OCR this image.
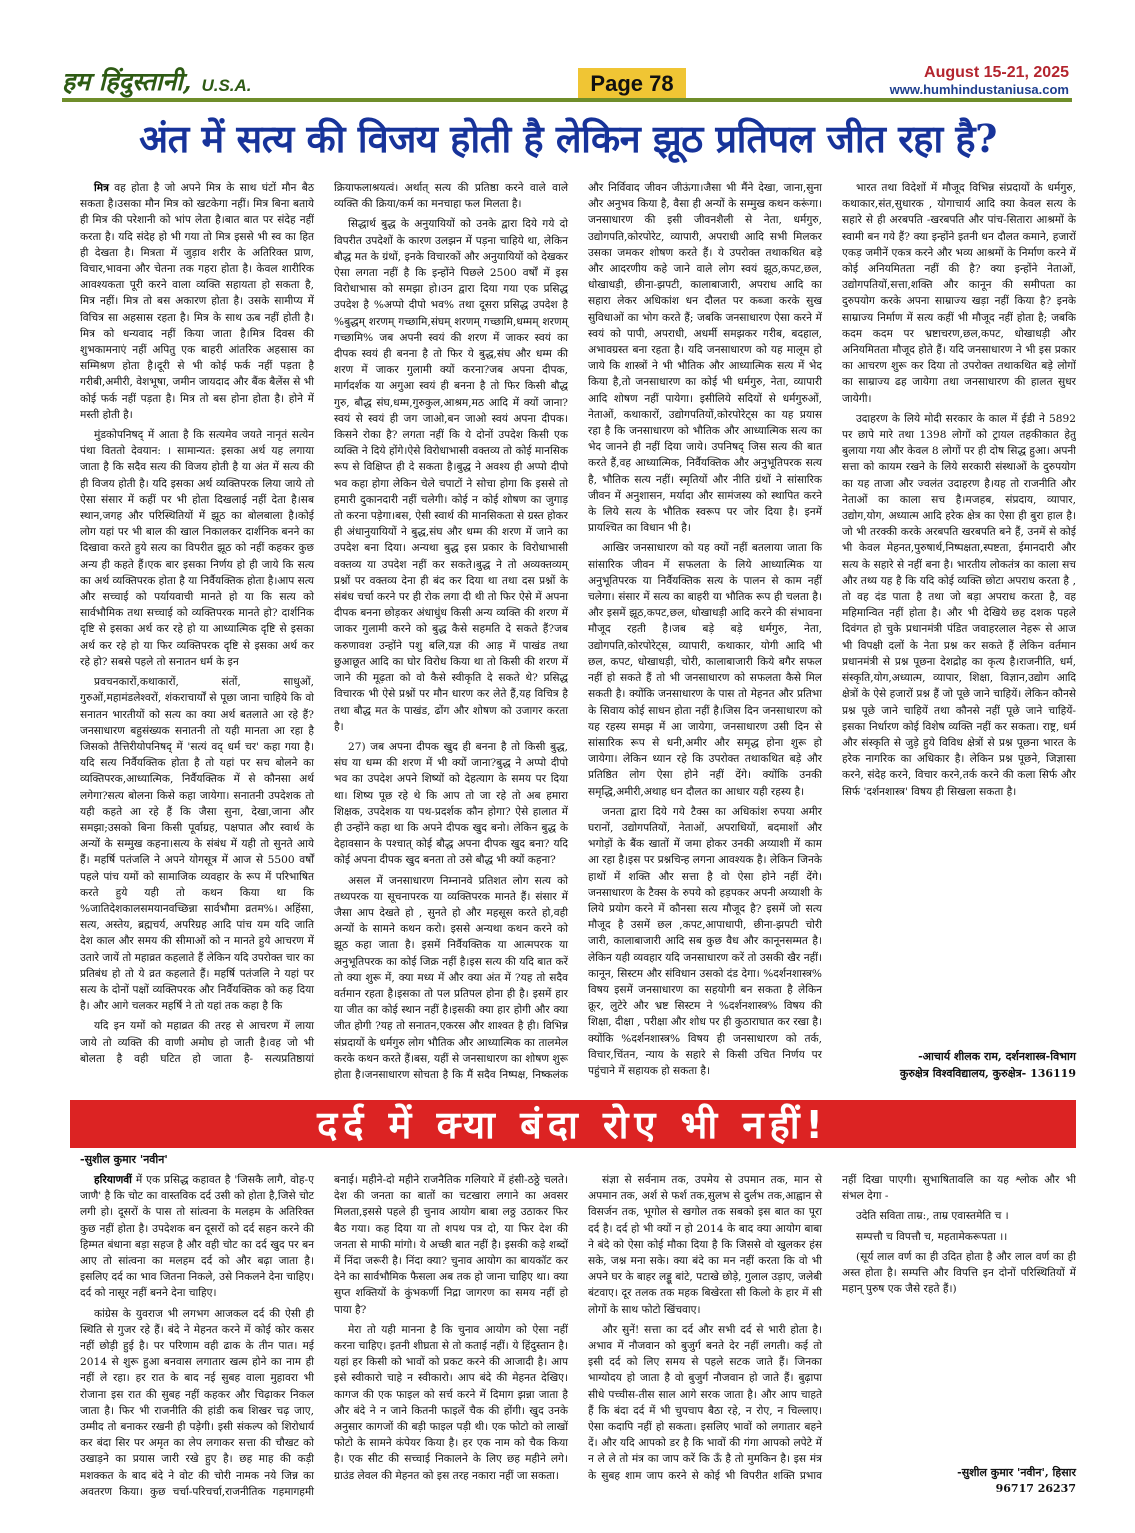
हम हिंदुस्तानी, U.S.A.	Page 78	August 15-21, 2025
www.humhindustaniusa.com
अंत में सत्य की विजय होती है लेकिन झूठ प्रतिपल जीत रहा है?

मित्र वह होता है जो अपने मित्र के साथ घंटों मौन बैठ सकता है।उसका मौन मित्र को खटकेगा नहीं। मित्र बिना बताये ही मित्र की परेशानी को भांप लेता है।बात बात पर संदेह नहीं करता है। यदि संदेह हो भी गया तो मित्र इससे भी स्व का हित ही देखता है। मित्रता में जुड़ाव शरीर के अतिरिक्त प्राण, विचार,भावना और चेतना तक गहरा होता है। केवल शारीरिक आवश्यकता पूरी करने वाला व्यक्ति सहायता हो सकता है, मित्र नहीं। मित्र तो बस अकारण होता है। उसके सामीप्य में विचित्र सा अहसास रहता है। मित्र के साथ ऊब नहीं होती है। मित्र को धन्यवाद नहीं किया जाता है।मित्र दिवस की शुभकामनाएं नहीं अपितु एक बाहरी आंतरिक अहसास का सम्मिश्रण होता है।दूरी से भी कोई फर्क नहीं पड़ता है गरीबी,अमीरी, वेशभूषा, जमीन जायदाद और बैंक बैलेंस से भी कोई फर्क नहीं पड़ता है। मित्र तो बस होना होता है। होने में मस्ती होती है।

मुंडकोपनिषद् में आता है कि सत्यमेव जयते नानृतं सत्येन पंथा विततो देवयान: । सामान्यत: इसका अर्थ यह लगाया जाता है कि सदैव सत्य की विजय होती है या अंत में सत्य की ही विजय होती है। यदि इसका अर्थ व्यक्तिपरक लिया जाये तो ऐसा संसार में कहीं पर भी होता दिखलाई नहीं देता है।सब स्थान,जगह और परिस्थितियों में झूठ का बोलबाला है।कोई लोग यहां पर भी बाल की खाल निकालकर दार्शनिक बनने का दिखावा करते हुये सत्य का विपरीत झूठ को नहीं कहकर कुछ अन्य ही कहते हैं।एक बार इसका निर्णय हो ही जाये कि सत्य का अर्थ व्यक्तिपरक होता है या निर्वैयक्तिक होता है।आप सत्य और सच्चाई को पर्यायवाची मानते हो या कि सत्य को सार्वभौमिक तथा सच्चाई को व्यक्तिपरक मानते हो? दार्शनिक दृष्टि से इसका अर्थ कर रहे हो या आध्यात्मिक दृष्टि से इसका अर्थ कर रहे हो या फिर व्यक्तिपरक दृष्टि से इसका अर्थ कर रहे हो? सबसे पहले तो सनातन धर्म के इन

प्रवचनकारों,कथाकारों, संतों, साधुओं, गुरुओं,महामंडलेश्वरों, शंकराचार्यों से पूछा जाना चाहिये कि वो सनातन भारतीयों को सत्य का क्या अर्थ बतलाते आ रहे हैं? जनसाधारण बहुसंख्यक सनातनी तो यही मानता आ रहा है जिसको तैत्तिरीयोपनिषद् में 'सत्यं वद् धर्म चर' कहा गया है। यदि सत्य निर्वैयक्तिक होता है तो यहां पर सच बोलने का व्यक्तिपरक,आध्यात्मिक, निर्वैयक्तिक में से कौनसा अर्थ लगेगा?सत्य बोलना किसे कहा जायेगा। सनातनी उपदेशक तो यही कहते आ रहे हैं कि जैसा सुना, देखा,जाना और समझा;उसको बिना किसी पूर्वाग्रह, पक्षपात और स्वार्थ के अन्यों के सम्मुख कहना।सत्य के संबंध में यही तो सुनते आये हैं। महर्षि पतंजलि ने अपने योगसूत्र में आज से 5500 वर्षों पहले पांच यमों को सामाजिक व्यवहार के रूप में परिभाषित करते हुये यही तो कथन किया था कि %जातिदेशकालसमयानवच्छिन्ना सार्वभौमा व्रतम%। अहिंसा, सत्य, अस्तेय, ब्रह्मचर्य, अपरिग्रह आदि पांच यम यदि जाति देश काल और समय की सीमाओं को न मानते हुये आचरण में उतारे जायें तो महाव्रत कहलाते हैं लेकिन यदि उपरोक्त चार का प्रतिबंध हो तो ये व्रत कहलाते हैं। महर्षि पतंजलि ने यहां पर सत्य के दोनों पक्षों व्यक्तिपरक और निर्वैयक्तिक को कह दिया है। और आगे चलकर महर्षि ने तो यहां तक कहा है कि

यदि इन यमों को महाव्रत की तरह से आचरण में लाया जाये तो व्यक्ति की वाणी अमोघ हो जाती है।वह जो भी बोलता है वही घटित हो जाता है- सत्यप्रतिष्ठायां क्रियाफलाश्रयत्वं। अर्थात् सत्य की प्रतिष्ठा करने वाले वाले व्यक्ति की क्रिया/कर्म का मनचाहा फल मिलता है।

सिद्धार्थ बुद्ध के अनुयायियों को उनके द्वारा दिये गये दो विपरीत उपदेशों के कारण उलझन में पड़ना चाहिये था, लेकिन बौद्ध मत के ग्रंथों, इनके विचारकों और अनुयायियों को देखकर ऐसा लगता नहीं है कि इन्होंने पिछले 2500 वर्षों में इस विरोधाभास को समझा हो।उन द्वारा दिया गया एक प्रसिद्ध उपदेश है %अप्पो दीपो भव% तथा दूसरा प्रसिद्ध उपदेश है %बुद्धम् शरणम् गच्छामि,संघम् शरणम् गच्छामि,धम्मम् शरणम् गच्छामि% जब अपनी स्वयं की शरण में जाकर स्वयं का दीपक स्वयं ही बनना है तो फिर ये बुद्ध,संघ और धम्म की शरण में जाकर गुलामी क्यों करना?जब अपना दीपक, मार्गदर्शक या अगुआ स्वयं ही बनना है तो फिर किसी बौद्ध गुरु, बौद्ध संघ,धम्म,गुरुकुल,आश्रम,मठ आदि में क्यों जाना? स्वयं से स्वयं ही जग जाओ,बन जाओ स्वयं अपना दीपक। किसने रोका है? लगता नहीं कि ये दोनों उपदेश किसी एक व्यक्ति ने दिये होंगे।ऐसे विरोधाभासी वक्तव्य तो कोई मानसिक रूप से विक्षिप्त ही दे सकता है।बुद्ध ने अवश्य ही अप्पो दीपो भव कहा होगा लेकिन चेले चपाटों ने सोचा होगा कि इससे तो हमारी दुकानदारी नहीं चलेगी। कोई न कोई शोषण का जुगाड़ तो करना पड़ेगा।बस, ऐसी स्वार्थ की मानसिकता से ग्रस्त होकर ही अंधानुयायियों ने बुद्ध,संघ और धम्म की शरण में जाने का उपदेश बना दिया। अन्यथा बुद्ध इस प्रकार के विरोधाभासी वक्तव्य या उपदेश नहीं कर सकते।बुद्ध ने तो अव्यक्तव्यम् प्रश्नों पर वक्तव्य देना ही बंद कर दिया था तथा दस प्रश्नों के संबंध चर्चा करने पर ही रोक लगा दी थी तो फिर ऐसे में अपना दीपक बनना छोड़कर अंधाधुंध किसी अन्य व्यक्ति की शरण में जाकर गुलामी करने को बुद्ध कैसे सहमति दे सकते हैं?जब करुणावश उन्होंने पशु बलि,यज्ञ की आड़ में पाखंड तथा छुआछूत आदि का घोर विरोध किया था तो किसी की शरण में जाने की मूढ़ता को वो कैसे स्वीकृति दे सकते थे? प्रसिद्ध विचारक भी ऐसे प्रश्नों पर मौन धारण कर लेते हैं,यह विचित्र है तथा बौद्ध मत के पाखंड, ढोंग और शोषण को उजागर करता है।

27) जब अपना दीपक खुद ही बनना है तो किसी बुद्ध, संघ या धम्म की शरण में भी क्यों जाना?बुद्ध ने अप्पो दीपो भव का उपदेश अपने शिष्यों को देहत्याग के समय पर दिया था। शिष्य पूछ रहे थे कि आप तो जा रहे तो अब हमारा शिक्षक, उपदेशक या पथ-प्रदर्शक कौन होगा? ऐसे हालात में ही उन्होंने कहा था कि अपने दीपक खुद बनो। लेकिन बुद्ध के देहावसान के पश्चात् कोई बौद्ध अपना दीपक खुद बना? यदि कोई अपना दीपक खुद बनता तो उसे बौद्ध भी क्यों कहना?

असल में जनसाधारण निम्नानवे प्रतिशत लोग सत्य को तथ्यपरक या सूचनापरक या व्यक्तिपरक मानते हैं। संसार में जैसा आप देखते हो , सुनते हो और महसूस करते हो,वही अन्यों के सामने कथन करो। इससे अन्यथा कथन करने को झूठ कहा जाता है। इसमें निर्वैयक्तिक या आत्मपरक या अनुभूतिपरक का कोई जिक्र नहीं है।इस सत्य की यदि बात करें तो क्या शुरू में, क्या मध्य में और क्या अंत में ?यह तो सदैव वर्तमान रहता है।इसका तो पल प्रतिपल होना ही है। इसमें हार या जीत का कोई स्थान नहीं है।इसकी क्या हार होगी और क्या जीत होगी ?यह तो सनातन,एकरस और शाश्वत है ही। विभिन्न संप्रदायों के धर्मगुरु लोग भौतिक और आध्यात्मिक का तालमेल करके कथन करते हैं।बस, यहीं से जनसाधारण का शोषण शुरू होता है।जनसाधारण सोचता है कि मैं सदैव निष्पक्ष, निष्कलंक और निर्विवाद जीवन जीऊंगा।जैसा भी मैंने देखा, जाना,सुना और अनुभव किया है, वैसा ही अन्यों के सम्मुख कथन करूंगा। जनसाधारण की इसी जीवनशैली से नेता, धर्मगुरु, उद्योगपति,कोरपोरेट, व्यापारी, अपराधी आदि सभी मिलकर उसका जमकर शोषण करते हैं। ये उपरोक्त तथाकथित बड़े और आदरणीय कहे जाने वाले लोग स्वयं झूठ,कपट,छल, धोखाधड़ी, छीना-झपटी, कालाबाजारी, अपराध आदि का सहारा लेकर अधिकांश धन दौलत पर कब्जा करके सुख सुविधाओं का भोग करते हैं; जबकि जनसाधारण ऐसा करने में स्वयं को पापी, अपराधी, अधर्मी समझकर गरीब, बदहाल, अभावग्रस्त बना रहता है। यदि जनसाधारण को यह मालूम हो जाये कि शास्त्रों ने भी भौतिक और आध्यात्मिक सत्य में भेद किया है,तो जनसाधारण का कोई भी धर्मगुरु, नेता, व्यापारी आदि शोषण नहीं पायेगा। इसीलिये सदियों से धर्मगुरुओं, नेताओं, कथाकारों, उद्योगपतियों,कोरपोरेट्स का यह प्रयास रहा है कि जनसाधारण को भौतिक और आध्यात्मिक सत्य का भेद जानने ही नहीं दिया जाये। उपनिषद् जिस सत्य की बात करते हैं,वह आध्यात्मिक, निर्वैयक्तिक और अनुभूतिपरक सत्य है, भौतिक सत्य नहीं। स्मृतियों और नीति ग्रंथों ने सांसारिक जीवन में अनुशासन, मर्यादा और सामंजस्य को स्थापित करने के लिये सत्य के भौतिक स्वरूप पर जोर दिया है। इनमें प्रायश्चित का विधान भी है।

आखिर जनसाधारण को यह क्यों नहीं बतलाया जाता कि सांसारिक जीवन में सफलता के लिये आध्यात्मिक या अनुभूतिपरक या निर्वैयक्तिक सत्य के पालन से काम नहीं चलेगा। संसार में सत्य का बाहरी या भौतिक रूप ही चलता है। और इसमें झूठ,कपट,छल, धोखाधड़ी आदि करने की संभावना मौजूद रहती है।जब बड़े बड़े धर्मगुरु, नेता, उद्योगपति,कोरपोरेट्स, व्यापारी, कथाकार, योगी आदि भी छल, कपट, धोखाधड़ी, चोरी, कालाबाजारी किये बगैर सफल नहीं हो सकते हैं तो भी जनसाधारण को सफलता कैसे मिल सकती है। क्योंकि जनसाधारण के पास तो मेहनत और प्रतिभा के सिवाय कोई साधन होता नहीं है।जिस दिन जनसाधारण को यह रहस्य समझ में आ जायेगा, जनसाधारण उसी दिन से सांसारिक रूप से धनी,अमीर और समृद्ध होना शुरू हो जायेगा। लेकिन ध्यान रहे कि उपरोक्त तथाकथित बड़े और प्रतिष्ठित लोग ऐसा होने नहीं देंगे। क्योंकि उनकी समृद्धि,अमीरी,अथाह धन दौलत का आधार यही रहस्य है।

जनता द्वारा दिये गये टैक्स का अधिकांश रुपया अमीर घरानों, उद्योगपतियों, नेताओं, अपराधियों, बदमाशों और भगोड़ों के बैंक खातों में जमा होकर उनकी अय्याशी में काम आ रहा है।इस पर प्रश्नचिन्ह लगना आवश्यक है। लेकिन जिनके हाथों में शक्ति और सत्ता है वो ऐसा होने नहीं देंगे। जनसाधारण के टैक्स के रुपये को हड़पकर अपनी अय्याशी के लिये प्रयोग करने में कौनसा सत्य मौजूद है? इसमें जो सत्य मौजूद है उसमें छल ,कपट,आपाधापी, छीना-झपटी चोरी जारी, कालाबाजारी आदि सब कुछ वैध और कानूनसम्मत है। लेकिन यही व्यवहार यदि जनसाधारण करें तो उसकी खैर नहीं। कानून, सिस्टम और संविधान उसको दंड देगा। %दर्शनशास्त्र% विषय इसमें जनसाधारण का सहयोगी बन सकता है लेकिन क्रूर, लुटेरे और भ्रष्ट सिस्टम ने %दर्शनशास्त्र% विषय की शिक्षा, दीक्षा , परीक्षा और शोध पर ही कुठाराघात कर रखा है। क्योंकि %दर्शनशास्त्र% विषय ही जनसाधारण को तर्क, विचार,चिंतन, न्याय के सहारे से किसी उचित निर्णय पर पहुंचाने में सहायक हो सकता है।

भारत तथा विदेशों में मौजूद विभिन्न संप्रदायों के धर्मगुरु, कथाकार,संत,सुधारक , योगाचार्य आदि क्या केवल सत्य के सहारे से ही अरबपति -खरबपति और पांच-सितारा आश्रमों के स्वामी बन गये हैं? क्या इन्होंने इतनी धन दौलत कमाने, हजारों एकड़ जमीनें एकत्र करने और भव्य आश्रमों के निर्माण करने में कोई अनियमितता नहीं की है? क्या इन्होंने नेताओं, उद्योगपतियों,सत्ता,शक्ति और कानून की समीपता का दुरुपयोग करके अपना साम्राज्य खड़ा नहीं किया है? इनके साम्राज्य निर्माण में सत्य कहीं भी मौजूद नहीं होता है; जबकि कदम कदम पर भ्रष्टाचरण,छल,कपट, धोखाधड़ी और अनियमितता मौजूद होते हैं। यदि जनसाधारण ने भी इस प्रकार का आचरण शुरू कर दिया तो उपरोक्त तथाकथित बड़े लोगों का साम्राज्य ढह जायेगा तथा जनसाधारण की हालत सुधर जायेगी।

उदाहरण के लिये मोदी सरकार के काल में ईडी ने 5892 पर छापे मारे तथा 1398 लोगों को ट्रायल तहकीकात हेतु बुलाया गया और केवल 8 लोगों पर ही दोष सिद्ध हुआ। अपनी सत्ता को कायम रखने के लिये सरकारी संस्थाओं के दुरुपयोग का यह ताजा और ज्वलंत उदाहरण है।यह तो राजनीति और नेताओं का काला सच है।मजहब, संप्रदाय, व्यापार, उद्योग,योग, अध्यात्म आदि हरेक क्षेत्र का ऐसा ही बुरा हाल है।जो भी तरक्की करके अरबपति खरबपति बने हैं, उनमें से कोई भी केवल मेहनत,पुरुषार्थ,निष्पक्षता,स्पष्टता, ईमानदारी और सत्य के सहारे से नहीं बना है। भारतीय लोकतंत्र का काला सच और तथ्य यह है कि यदि कोई व्यक्ति छोटा अपराध करता है , तो वह दंड पाता है तथा जो बड़ा अपराध करता है, वह महिमान्वित नहीं होता है। और भी देखिये छह दशक पहले दिवंगत हो चुके प्रधानमंत्री पंडित जवाहरलाल नेहरू से आज भी विपक्षी दलों के नेता प्रश्न कर सकते हैं लेकिन वर्तमान प्रधानमंत्री से प्रश्न पूछना देशद्रोह का कृत्य है।राजनीति, धर्म, संस्कृति,योग,अध्यात्म, व्यापार, शिक्षा, विज्ञान,उद्योग आदि क्षेत्रों के ऐसे हजारों प्रश्न हैं जो पूछे जाने चाहियें। लेकिन कौनसे प्रश्न पूछे जाने चाहियें तथा कौनसे नहीं पूछे जाने चाहियें- इसका निर्धारण कोई विशेष व्यक्ति नहीं कर सकता। राष्ट्र, धर्म और संस्कृति से जुड़े हुये विविध क्षेत्रों से प्रश्न पूछना भारत के हरेक नागरिक का अधिकार है। लेकिन प्रश्न पूछने, जिज्ञासा करने, संदेह करने, विचार करने,तर्क करने की कला सिर्फ और सिर्फ 'दर्शनशास्त्र' विषय ही सिखला सकता है।

-आचार्य शीलक राम, दर्शनशास्त्र-विभाग
कुरुक्षेत्र विश्वविद्यालय, कुरुक्षेत्र- 136119
दर्द में क्या बंदा रोए भी नहीं!
-सुशील कुमार 'नवीन'

हरियाणवीं में एक प्रसिद्ध कहावत है 'जिसकै लागै, वोह-ए जाणै‌' है कि चोट का वास्तविक दर्द उसी को होता है,जिसे चोट लगी हो। दूसरों के पास तो सांत्वना के मलहम के अतिरिक्त कुछ नहीं होता है। उपदेशक बन दूसरों को दर्द सहन करने की हिम्मत बंधाना बड़ा सहज है और वही चोट का दर्द खुद पर बन आए तो सांत्वना का मलहम दर्द को और बढ़ा जाता है। इसलिए दर्द का भाव जितना निकले, उसे निकलने देना चाहिए। दर्द को नासूर नहीं बनने देना चाहिए।

कांग्रेस के युवराज भी लगभग आजकल दर्द की ऐसी ही स्थिति से गुजर रहे हैं। बंदे ने मेहनत करने में कोई कोर कसर नहीं छोड़ी हुई है। पर परिणाम वही ढाक के तीन पात। मई 2014 से शुरू हुआ बनवास लगातार खत्म होने का नाम ही नहीं ले रहा। हर रात के बाद नई सुबह वाला मुहावरा भी रोजाना इस रात की सुबह नहीं कहकर और चिढ़ाकर निकल जाता है। फिर भी राजनीति की हांडी कब शिखर चढ़ जाए, उम्मीद तो बनाकर रखनी ही पड़ेगी। इसी संकल्प को शिरोधार्य कर बंदा सिर पर अमृत का लेप लगाकर सत्ता की चौखट को उखाड़ने का प्रयास जारी रखे हुए है। छह माह की कड़ी मशक्कत के बाद बंदे ने वोट की चोरी नामक नये जिन्न का अवतरण किया। कुछ चर्चा-परिचर्चा,राजनीतिक गहमागहमी बनाई। महीने-दो महीने राजनैतिक गलियारे में हंसी-ठठ्ठे चलते। देश की जनता का बातों का चटखारा लगाने का अवसर मिलता,इससे पहले ही चुनाव आयोग बाबा लठ्ठ उठाकर फिर बैठ गया। कह दिया या तो शपथ पत्र दो, या फिर देश की जनता से माफी मांगो। ये अच्छी बात नहीं है। इसकी कड़े शब्दों में निंदा जरूरी है। निंदा क्या? चुनाव आयोग का बायकॉट कर देने का सार्वभौमिक फैसला अब तक हो जाना चाहिए था। क्या सुप्त शक्तियों के कुंभकर्णी निद्रा जागरण का समय नहीं हो पाया है?

मेरा तो यही मानना है कि चुनाव आयोग को ऐसा नहीं करना चाहिए। इतनी शीघ्रता से तो कताई नहीं। ये हिंदुस्तान है। यहां हर किसी को भावों को प्रकट करने की आजादी है। आप इसे स्वीकारो चाहे न स्वीकारो। आप बंदे की मेहनत देखिए। कागज की एक फाइल को सर्च करने में दिमाग झन्ना जाता है और बंदे ने न जाने कितनी फाइलें चैक की होंगी। खुद उनके अनुसार कागजों की बड़ी फाइल पड़ी थी। एक फोटो को लाखों फोटो के सामने कंपेयर किया है। हर एक नाम को चैक किया है। एक सीट की सच्चाई निकालने के लिए छह महीने लगे। ग्राउंड लेवल की मेहनत को इस तरह नकारा नहीं जा सकता।

संज्ञा से सर्वनाम तक, उपमेय से उपमान तक, मान से अपमान तक, अर्श से फर्श तक,सुलभ से दुर्लभ तक,आह्वान से विसर्जन तक, भूगोल से खगोल तक सबको इस बात का पूरा दर्द है। दर्द हो भी क्यों न हो 2014 के बाद क्या आयोग बाबा ने बंदे को ऐसा कोई मौका दिया है कि जिससे वो खुलकर हंस सके, जश्न मना सके। क्या बंदे का मन नहीं करता कि वो भी अपने घर के बाहर लड्डू बांटे, पटाखे छोड़े, गुलाल उड़ाए, जलेबी बंटवाए। दूर तलक तक महक बिखेरता सी किलो के हार में सी लोगों के साथ फोटो खिंचवाए।

और सुनें! सत्ता का दर्द और सभी दर्द से भारी होता है। अभाव में नौजवान को बुजुर्ग बनते देर नहीं लगती। कई तो इसी दर्द को लिए समय से पहले सटक जाते हैं। जिनका भाग्योदय हो जाता है वो बुजुर्ग नौजवान हो जाते हैं। बुढ़ापा सीधे पच्चीस-तीस साल आगे सरक जाता है। और आप चाहते हैं कि बंदा दर्द में भी चुपचाप बैठा रहे, न रोए, न चिल्लाए। ऐसा कदापि नहीं हो सकता। इसलिए भावों को लगातार बहने दें। और यदि आपको डर है कि भावों की गंगा आपको लपेटे में न ले ले तो मंत्र का जाप करें कि ऊँ है तो मुमकिन है। इस मंत्र के सुबह शाम जाप करने से कोई भी विपरीत शक्ति प्रभाव नहीं दिखा पाएगी। सुभाषितावलि का यह श्लोक और भी संभल देगा -

उदेति सविता ताम्र:, ताम्र एवास्तमेति च ।

सम्पत्तौ च विपत्तौ च, महतामेकरूपता ।।

(सूर्य लाल वर्ण का ही उदित होता है और लाल वर्ण का ही अस्त होता है। सम्पत्ति और विपत्ति इन दोनों परिस्थितियों में महान् पुरुष एक जैसे रहते हैं।)

-सुशील कुमार 'नवीन', हिसार
96717 26237
